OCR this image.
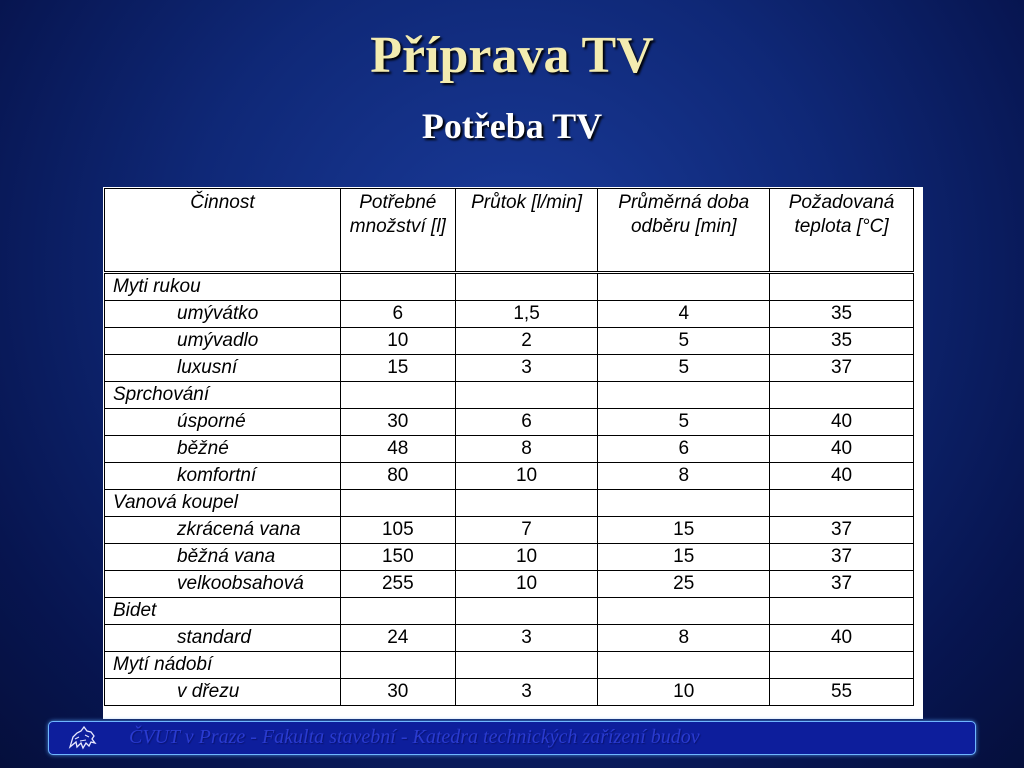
Příprava TV
Potřeba TV
Činnost	Potřebné množství [l]	Průtok [l/min]	Průměrná doba odběru [min]	Požadovaná teplota [°C]
Myti rukou				
umývátko	6	1,5	4	35
umývadlo	10	2	5	35
luxusní	15	3	5	37
Sprchování				
úsporné	30	6	5	40
běžné	48	8	6	40
komfortní	80	10	8	40
Vanová koupel				
zkrácená vana	105	7	15	37
běžná vana	150	10	15	37
velkoobsahová	255	10	25	37
Bidet				
standard	24	3	8	40
Mytí nádobí				
v dřezu	30	3	10	55
ČVUT v Praze - Fakulta stavební - Katedra technických zařízení budov
